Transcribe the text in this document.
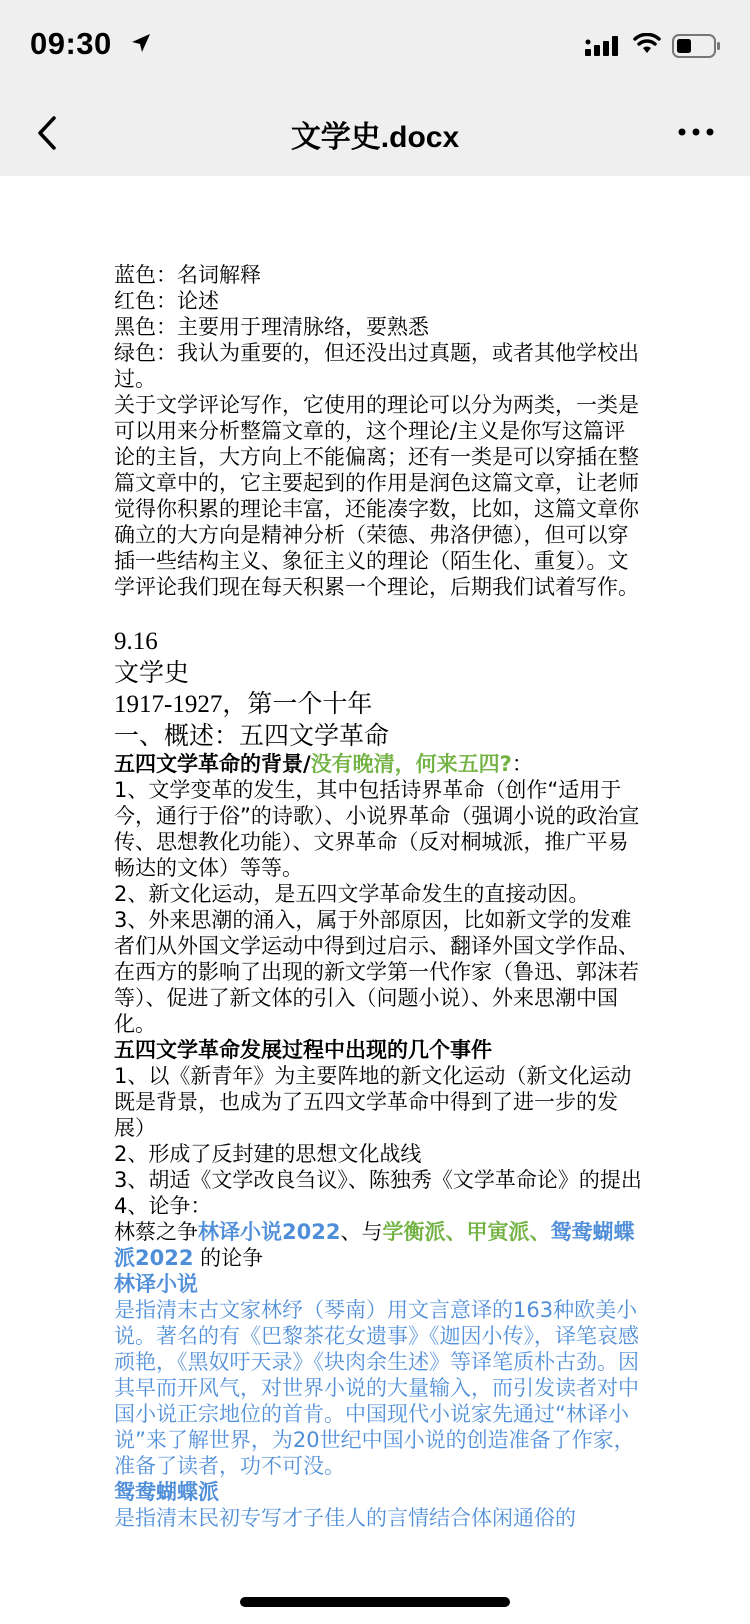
09:30
文学史.docx

蓝色：名词解释

红色：论述

黑色：主要用于理清脉络，要熟悉

绿色：我认为重要的，但还没出过真题，或者其他学校出过。

关于文学评论写作，它使用的理论可以分为两类，一类是可以用来分析整篇文章的，这个理论/主义是你写这篇评论的主旨，大方向上不能偏离；还有一类是可以穿插在整篇文章中的，它主要起到的作用是润色这篇文章，让老师觉得你积累的理论丰富，还能凑字数，比如，这篇文章你确立的大方向是精神分析（荣德、弗洛伊德），但可以穿插一些结构主义、象征主义的理论（陌生化、重复）。文学评论我们现在每天积累一个理论，后期我们试着写作。

9.16

文学史

1917-1927，第一个十年

一、概述：五四文学革命

五四文学革命的背景/没有晚清，何来五四?：

1、文学变革的发生，其中包括诗界革命（创作“适用于今，通行于俗”的诗歌）、小说界革命（强调小说的政治宣传、思想教化功能）、文界革命（反对桐城派，推广平易畅达的文体）等等。

2、新文化运动，是五四文学革命发生的直接动因。

3、外来思潮的涌入，属于外部原因，比如新文学的发难者们从外国文学运动中得到过启示、翻译外国文学作品、在西方的影响了出现的新文学第一代作家（鲁迅、郭沫若等）、促进了新文体的引入（问题小说）、外来思潮中国化。

五四文学革命发展过程中出现的几个事件

1、以《新青年》为主要阵地的新文化运动（新文化运动既是背景，也成为了五四文学革命中得到了进一步的发展）

2、形成了反封建的思想文化战线

3、胡适《文学改良刍议》、陈独秀《文学革命论》的提出

4、论争：

林蔡之争林译小说2022、与学衡派、甲寅派、鸳鸯蝴蝶派2022 的论争

林译小说

是指清末古文家林纾（琴南）用文言意译的163种欧美小说。著名的有《巴黎茶花女遗事》《迦因小传》，译笔哀感顽艳，《黑奴吁天录》《块肉余生述》等译笔质朴古劲。因其早而开风气，对世界小说的大量输入，而引发读者对中国小说正宗地位的首肯。中国现代小说家先通过“林译小说”来了解世界，为20世纪中国小说的创造准备了作家，准备了读者，功不可没。

鸳鸯蝴蝶派

是指清末民初专写才子佳人的言情结合体闲通俗的
